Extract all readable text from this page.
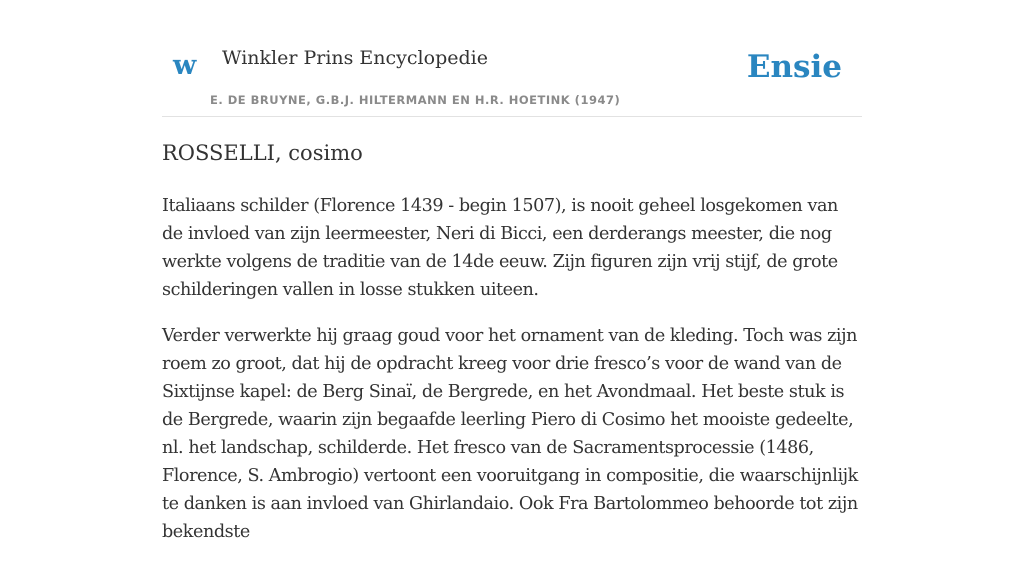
w Winkler Prins Encyclopedie
E. DE BRUYNE, G.B.J. HILTERMANN EN H.R. HOETINK (1947)
Ensie
ROSSELLI, cosimo

Italiaans schilder (Florence 1439 - begin 1507), is nooit geheel losgekomen van de invloed van zijn leermeester, Neri di Bicci, een derderangs meester, die nog werkte volgens de traditie van de 14de eeuw. Zijn figuren zijn vrij stijf, de grote schilderingen vallen in losse stukken uiteen.

Verder verwerkte hij graag goud voor het ornament van de kleding. Toch was zijn roem zo groot, dat hij de opdracht kreeg voor drie fresco’s voor de wand van de Sixtijnse kapel: de Berg Sinaï, de Bergrede, en het Avondmaal. Het beste stuk is de Bergrede, waarin zijn begaafde leerling Piero di Cosimo het mooiste gedeelte, nl. het landschap, schilderde. Het fresco van de Sacramentsprocessie (1486, Florence, S. Ambrogio) vertoont een vooruitgang in compositie, die waarschijnlijk te danken is aan invloed van Ghirlandaio. Ook Fra Bartolommeo behoorde tot zijn bekendste
